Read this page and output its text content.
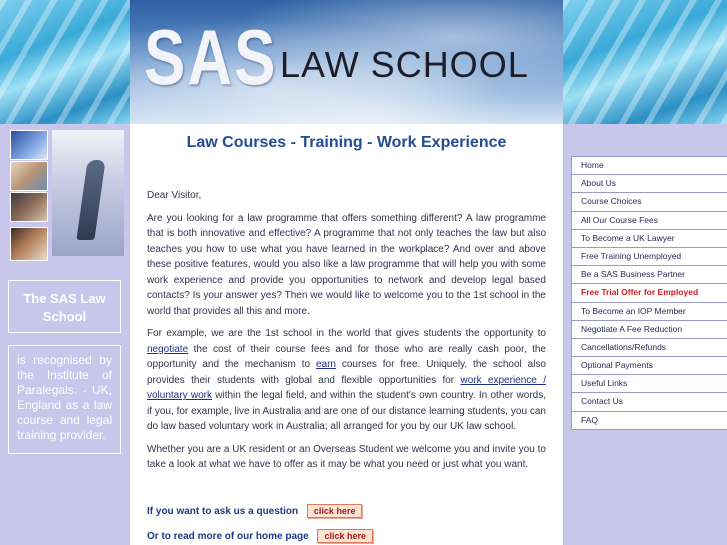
SAS LAW SCHOOL
The SAS Law School
is recognised by the Institute of Paralegals. - UK, England as a law course and legal training provider.
Law Courses - Training - Work Experience

Dear Visitor,

Are you looking for a law programme that offers something different? A law programme that is both innovative and effective? A programme that not only teaches the law but also teaches you how to use what you have learned in the workplace? And over and above these positive features, would you also like a law programme that will help you with some work experience and provide you opportunities to network and develop legal based contacts? Is your answer yes? Then we would like to welcome you to the 1st school in the world that provides all this and more.

For example, we are the 1st school in the world that gives students the opportunity to negotiate the cost of their course fees and for those who are really cash poor, the opportunity and the mechanism to earn courses for free. Uniquely, the school also provides their students with global and flexible opportunities for work experience / voluntary work within the legal field, and within the student's own country. In other words, if you, for example, live in Australia and are one of our distance learning students, you can do law based voluntary work in Australia; all arranged for you by our UK law school.

Whether you are a UK resident or an Overseas Student we welcome you and invite you to take a look at what we have to offer as it may be what you need or just what you want.

If you want to ask us a question click here
Or to read more of our home page click here
Home
About Us
Course Choices
All Our Course Fees
To Become a UK Lawyer
Free Training Unemployed
Be a SAS Business Partner
Free Trial Offer for Employed
To Become an IOP Member
Negotiate A Fee Reduction
Cancellations/Refunds
Optional Payments
Useful Links
Contact Us
FAQ
